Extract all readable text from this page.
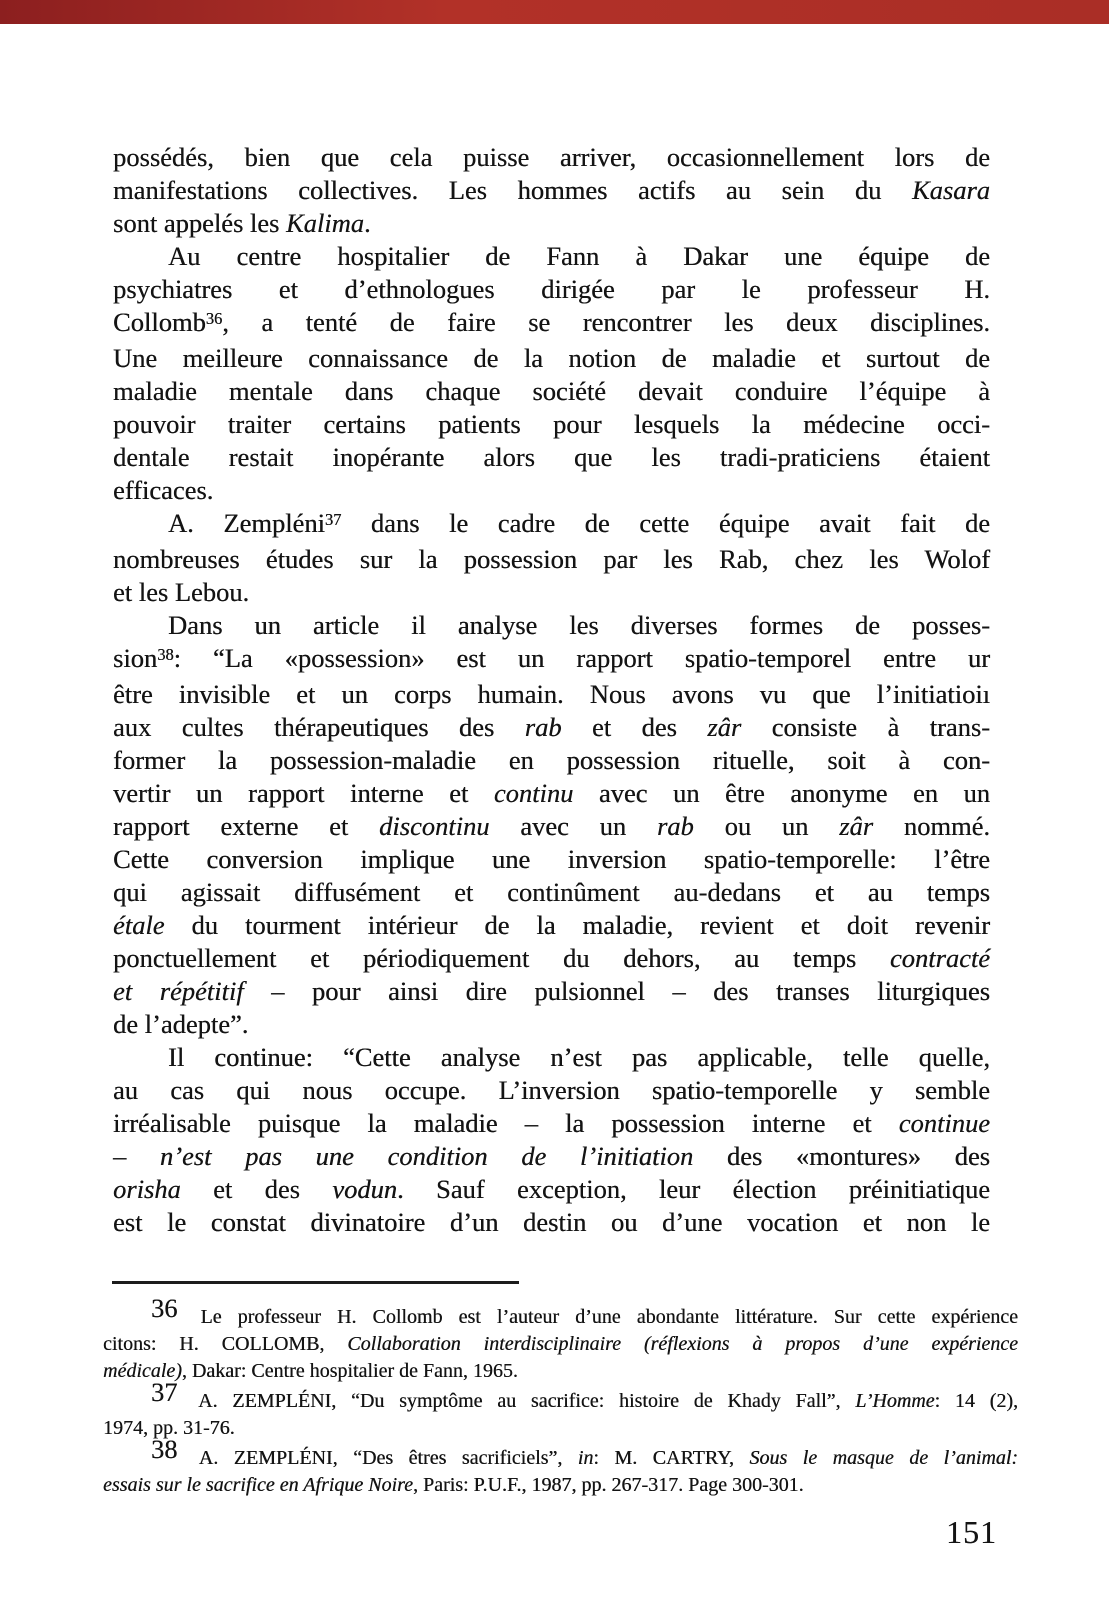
possédés, bien que cela puisse arriver, occasionnellement lors de
manifestations collectives. Les hommes actifs au sein du Kasara
sont appelés les Kalima.
Au centre hospitalier de Fann à Dakar une équipe de
psychiatres et d’ethnologues dirigée par le professeur H.
Collomb$^{36}$, a tenté de faire se rencontrer les deux disciplines.
Une meilleure connaissance de la notion de maladie et surtout de
maladie mentale dans chaque société devait conduire l’équipe à
pouvoir traiter certains patients pour lesquels la médecine occi-
dentale restait inopérante alors que les tradi-praticiens étaient
efficaces.
A. Zempléni$^{37}$ dans le cadre de cette équipe avait fait de
nombreuses études sur la possession par les Rab, chez les Wolof
et les Lebou.
Dans un article il analyse les diverses formes de posses-
sion$^{38}$: “La «possession» est un rapport spatio-temporel entre ur
être invisible et un corps humain. Nous avons vu que l’initiatioiı
aux cultes thérapeutiques des rab et des zâr consiste à trans-
former la possession-maladie en possession rituelle, soit à con-
vertir un rapport interne et continu avec un être anonyme en un
rapport externe et discontinu avec un rab ou un zâr nommé.
Cette conversion implique une inversion spatio-temporelle: l’être
qui agissait diffusément et continûment au-dedans et au temps
étale du tourment intérieur de la maladie, revient et doit revenir
ponctuellement et périodiquement du dehors, au temps contracté
et répétitif – pour ainsi dire pulsionnel – des transes liturgiques
de l’adepte”.
Il continue: “Cette analyse n’est pas applicable, telle quelle,
au cas qui nous occupe. L’inversion spatio-temporelle y semble
irréalisable puisque la maladie – la possession interne et continue
– n’est pas une condition de l’initiation des «montures» des
orisha et des vodun. Sauf exception, leur élection préinitiatique
est le constat divinatoire d’un destin ou d’une vocation et non le
36 Le professeur H. Collomb est l’auteur d’une abondante littérature. Sur cette expérience
citons: H. COLLOMB, Collaboration interdisciplinaire (réflexions à propos d’une expérience
médicale), Dakar: Centre hospitalier de Fann, 1965.
37 A. ZEMPLÉNI, “Du symptôme au sacrifice: histoire de Khady Fall”, L’Homme: 14 (2),
1974, pp. 31-76.
38 A. ZEMPLÉNI, “Des êtres sacrificiels”, in: M. CARTRY, Sous le masque de l’animal:
essais sur le sacrifice en Afrique Noire, Paris: P.U.F., 1987, pp. 267-317. Page 300-301.
151
